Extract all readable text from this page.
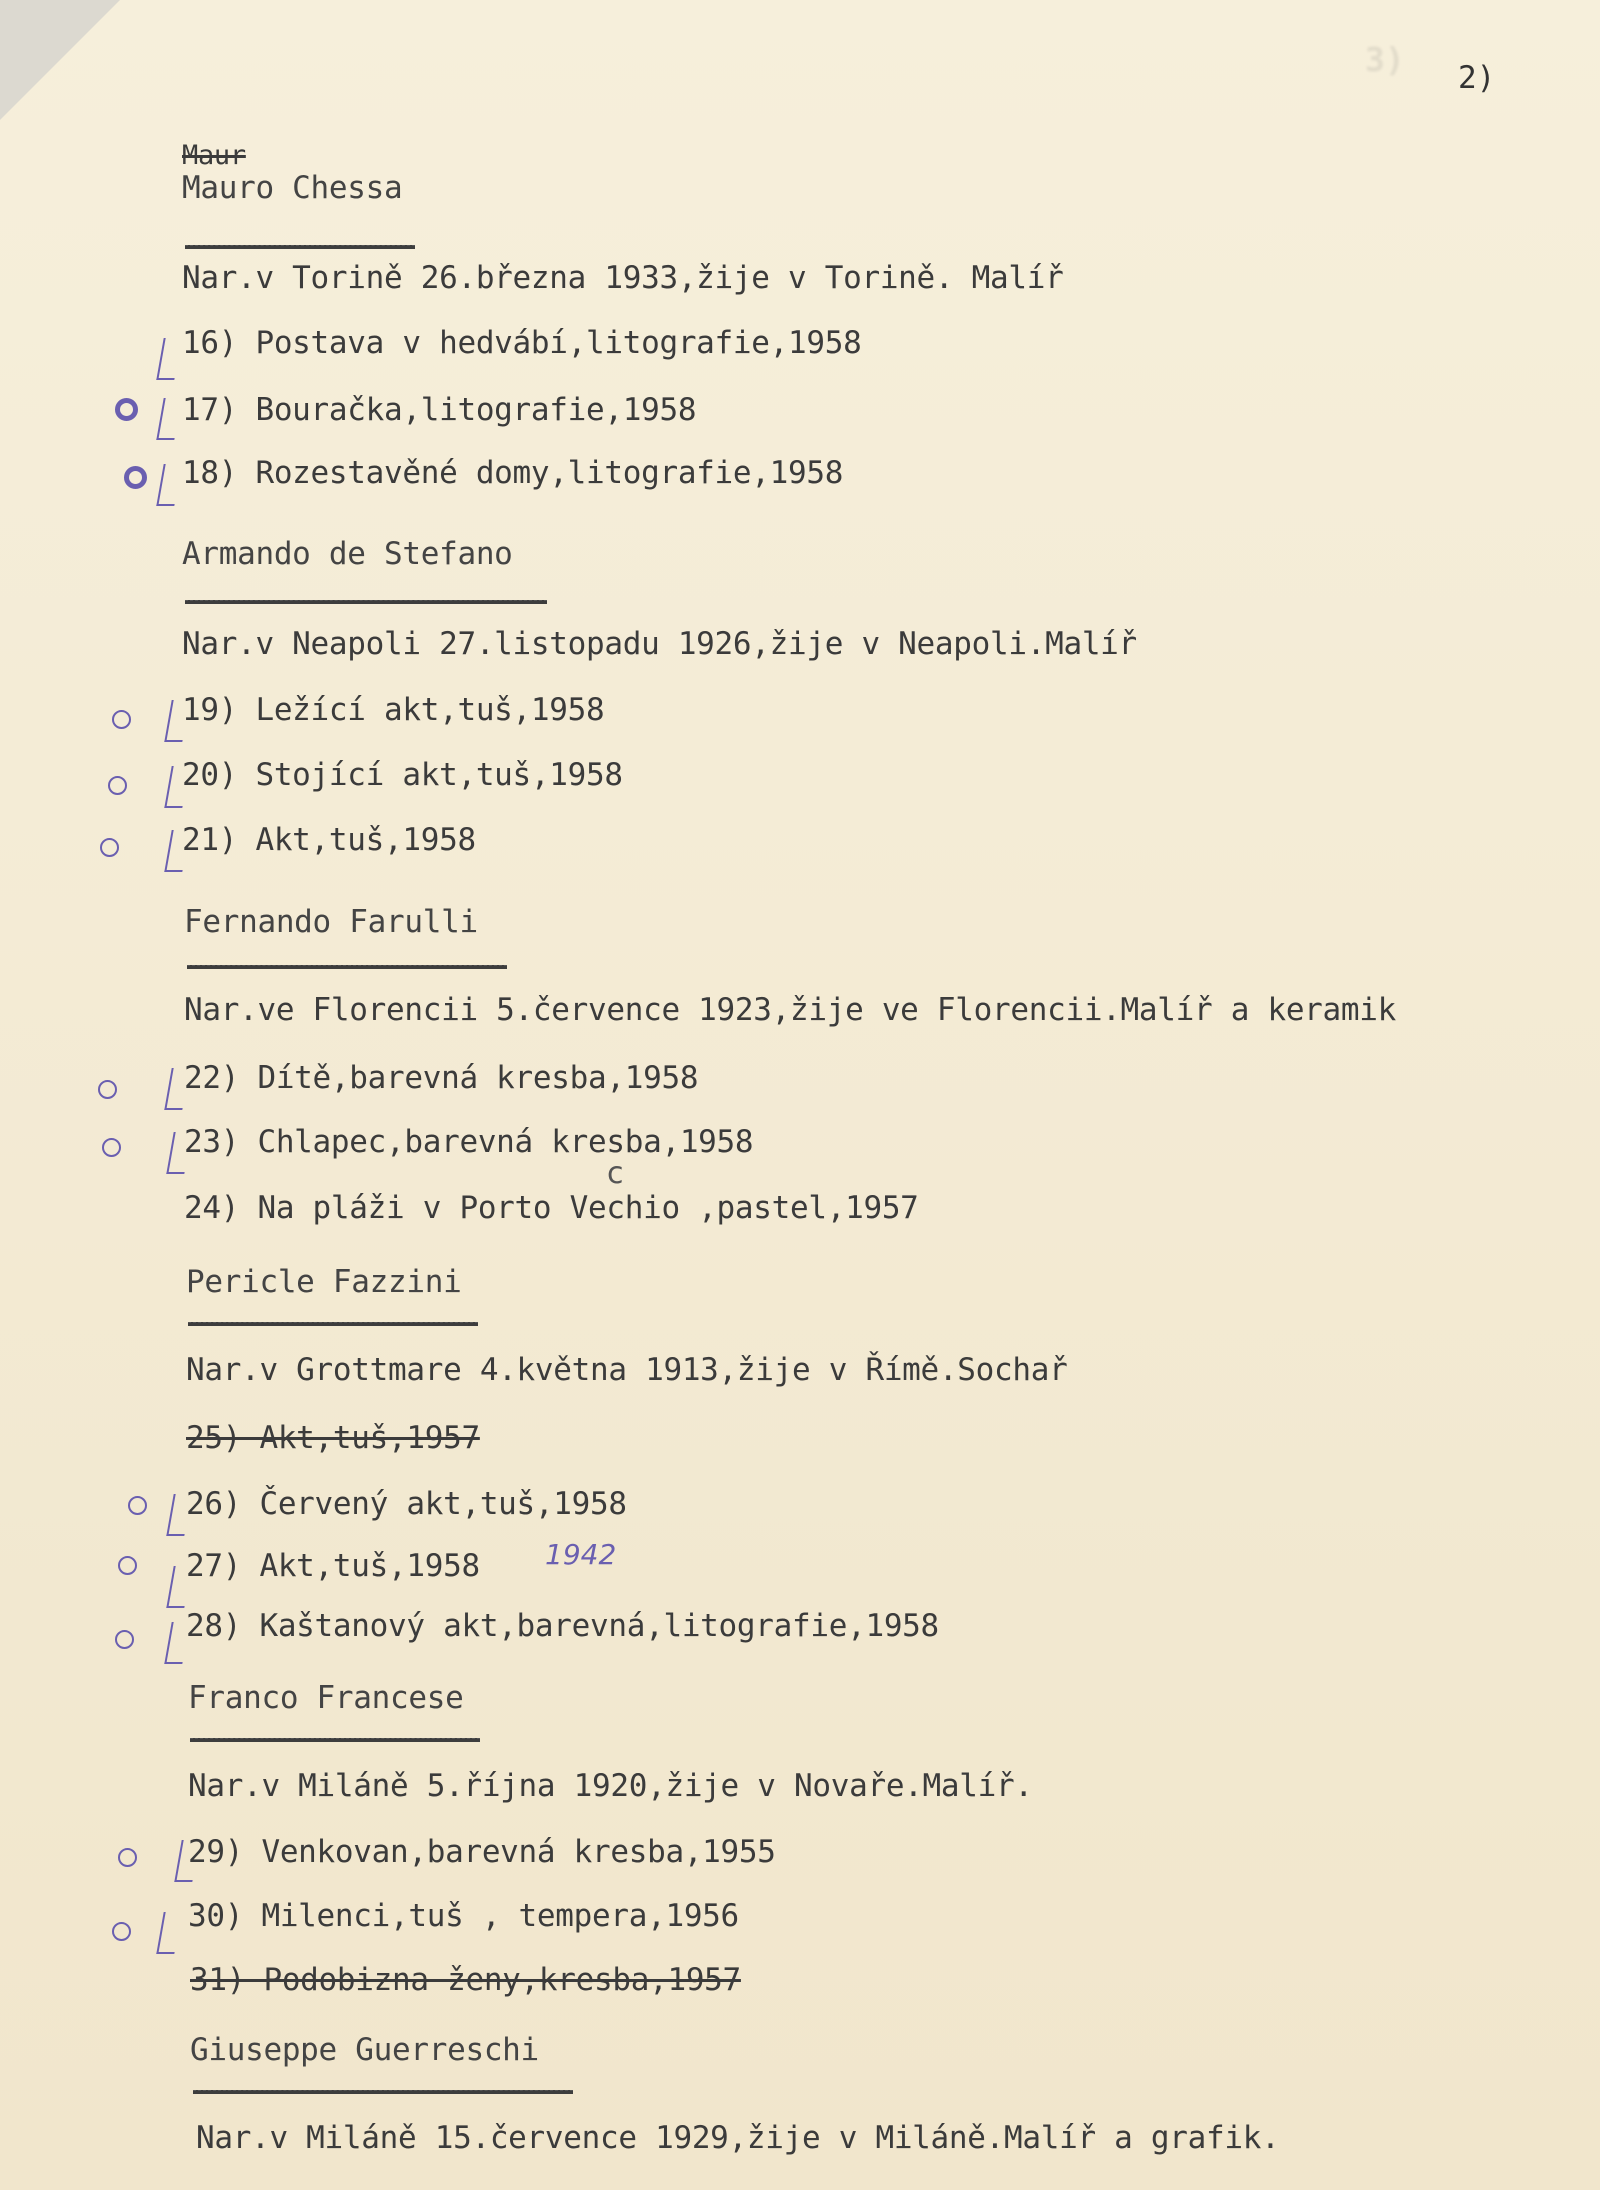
3) 2)
Maur
Mauro Chessa
Nar.v Torině 26.března 1933,žije v Torině. Malíř
16) Postava v hedvábí,litografie,1958
17) Bouračka,litografie,1958
18) Rozestavěné domy,litografie,1958
Armando de Stefano
Nar.v Neapoli 27.listopadu 1926,žije v Neapoli.Malíř
19) Ležící akt,tuš,1958
20) Stojící akt,tuš,1958
21) Akt,tuš,1958
Fernando Farulli
Nar.ve Florencii 5.července 1923,žije ve Florencii.Malíř a keramik
22) Dítě,barevná kresba,1958
23) Chlapec,barevná kresba,1958
24) Na pláži v Porto Vechio ,pastel,1957
c
Pericle Fazzini
Nar.v Grottmare 4.května 1913,žije v Římě.Sochař
25) Akt,tuš,1957
26) Červený akt,tuš,1958
27) Akt,tuš,1958 1942
28) Kaštanový akt,barevná,litografie,1958
Franco Francese
Nar.v Miláně 5.října 1920,žije v Novaře.Malíř.
29) Venkovan,barevná kresba,1955
30) Milenci,tuš , tempera,1956
31) Podobizna ženy,kresba,1957
Giuseppe Guerreschi
Nar.v Miláně 15.července 1929,žije v Miláně.Malíř a grafik.
